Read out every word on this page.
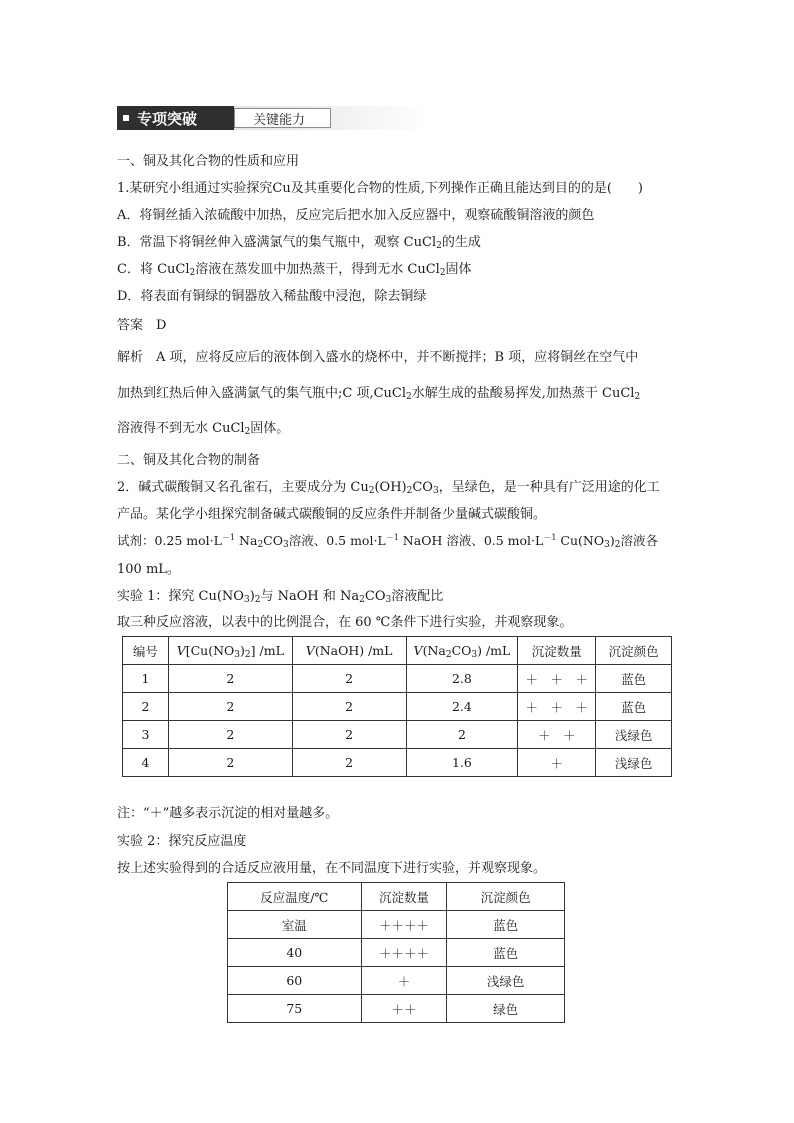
专项突破	关键能力
一、铜及其化合物的性质和应用
1.某研究小组通过实验探究Cu及其重要化合物的性质,下列操作正确且能达到目的的是(　　)
A．将铜丝插入浓硫酸中加热，反应完后把水加入反应器中，观察硫酸铜溶液的颜色
B．常温下将铜丝伸入盛满氯气的集气瓶中，观察 CuCl$_2$的生成
C．将 CuCl$_2$溶液在蒸发皿中加热蒸干，得到无水 CuCl$_2$固体
D．将表面有铜绿的铜器放入稀盐酸中浸泡，除去铜绿
答案　D
解析　A 项，应将反应后的液体倒入盛水的烧杯中，并不断搅拌；B 项，应将铜丝在空气中
加热到红热后伸入盛满氯气的集气瓶中;C 项,CuCl$_2$水解生成的盐酸易挥发,加热蒸干 CuCl$_2$
溶液得不到无水 CuCl$_2$固体。
二、铜及其化合物的制备
2．碱式碳酸铜又名孔雀石，主要成分为 $Cu_2(OH)_2CO_3$，呈绿色，是一种具有广泛用途的化工
产品。某化学小组探究制备碱式碳酸铜的反应条件并制备少量碱式碳酸铜。
试剂：0.25 $mol\cdot L^{-1}$ $Na_2CO_3$溶液、0.5 $mol\cdot L^{-1}$ NaOH 溶液、0.5 $mol\cdot L^{-1}$ $Cu(NO_3)_2$溶液各
100 mL。
实验 1：探究 $Cu(NO_3)_2$与 NaOH 和 $Na_2CO_3$溶液配比
取三种反应溶液，以表中的比例混合，在 60 ℃条件下进行实验，并观察现象。
编号	$V[Cu(NO_3)_2]$ /mL	V(NaOH) /mL	$V(Na_2CO_3)$ /mL	沉淀数量	沉淀颜色
1	2	2	2.8	＋　＋　＋	蓝色
2	2	2	2.4	＋　＋　＋	蓝色
3	2	2	2	＋　＋	浅绿色
4	2	2	1.6	＋	浅绿色
注：“＋”越多表示沉淀的相对量越多。
实验 2：探究反应温度
按上述实验得到的合适反应液用量，在不同温度下进行实验，并观察现象。
反应温度/℃	沉淀数量	沉淀颜色
室温	＋＋＋＋	蓝色
40	＋＋＋＋	蓝色
60	＋	浅绿色
75	＋＋	绿色
